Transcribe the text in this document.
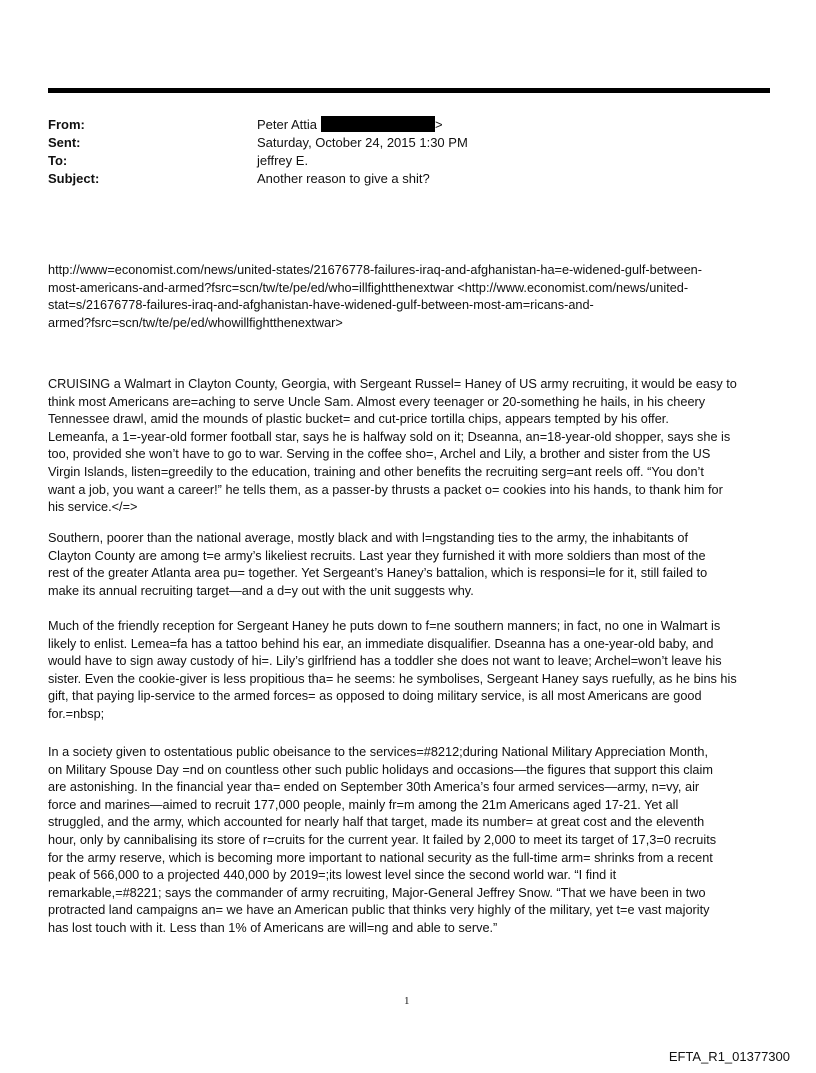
From:	Peter Attia	>
Sent:	Saturday, October 24, 2015 1:30 PM
To:	jeffrey E.
Subject:	Another reason to give a shit?
http://www=economist.com/news/united-states/21676778-failures-iraq-and-afghanistan-ha=e-widened-gulf-between-
most-americans-and-armed?fsrc=scn/tw/te/pe/ed/who=illfightthenextwar <http://www.economist.com/news/united-
stat=s/21676778-failures-iraq-and-afghanistan-have-widened-gulf-between-most-am=ricans-and-
armed?fsrc=scn/tw/te/pe/ed/whowillfightthenextwar>
CRUISING a Walmart in Clayton County, Georgia, with Sergeant Russel= Haney of US army recruiting, it would be easy to
think most Americans are=aching to serve Uncle Sam. Almost every teenager or 20-something he hails, in his cheery
Tennessee drawl, amid the mounds of plastic bucket= and cut-price tortilla chips, appears tempted by his offer.
Lemeanfa, a 1=-year-old former football star, says he is halfway sold on it; Dseanna, an=18-year-old shopper, says she is
too, provided she won’t have to go to war. Serving in the coffee sho=, Archel and Lily, a brother and sister from the US
Virgin Islands, listen=greedily to the education, training and other benefits the recruiting serg=ant reels off. “You don’t
want a job, you want a career!” he tells them, as a passer-by thrusts a packet o= cookies into his hands, to thank him for
his service.</=>
Southern, poorer than the national average, mostly black and with l=ngstanding ties to the army, the inhabitants of
Clayton County are among t=e army’s likeliest recruits. Last year they furnished it with more soldiers than most of the
rest of the greater Atlanta area pu= together. Yet Sergeant’s Haney’s battalion, which is responsi=le for it, still failed to
make its annual recruiting target—and a d=y out with the unit suggests why.
Much of the friendly reception for Sergeant Haney he puts down to f=ne southern manners; in fact, no one in Walmart is
likely to enlist. Lemea=fa has a tattoo behind his ear, an immediate disqualifier. Dseanna has a one-year-old baby, and
would have to sign away custody of hi=. Lily’s girlfriend has a toddler she does not want to leave; Archel=won’t leave his
sister. Even the cookie-giver is less propitious tha= he seems: he symbolises, Sergeant Haney says ruefully, as he bins his
gift, that paying lip-service to the armed forces= as opposed to doing military service, is all most Americans are good
for.=nbsp;
In a society given to ostentatious public obeisance to the services=#8212;during National Military Appreciation Month,
on Military Spouse Day =nd on countless other such public holidays and occasions—the figures that support this claim
are astonishing. In the financial year tha= ended on September 30th America’s four armed services—army, n=vy, air
force and marines—aimed to recruit 177,000 people, mainly fr=m among the 21m Americans aged 17-21. Yet all
struggled, and the army, which accounted for nearly half that target, made its number= at great cost and the eleventh
hour, only by cannibalising its store of r=cruits for the current year. It failed by 2,000 to meet its target of 17,3=0 recruits
for the army reserve, which is becoming more important to national security as the full-time arm= shrinks from a recent
peak of 566,000 to a projected 440,000 by 2019=;its lowest level since the second world war. “I find it
remarkable,=#8221; says the commander of army recruiting, Major-General Jeffrey Snow. “That we have been in two
protracted land campaigns an= we have an American public that thinks very highly of the military, yet t=e vast majority
has lost touch with it. Less than 1% of Americans are will=ng and able to serve.”
1
EFTA_R1_01377300
